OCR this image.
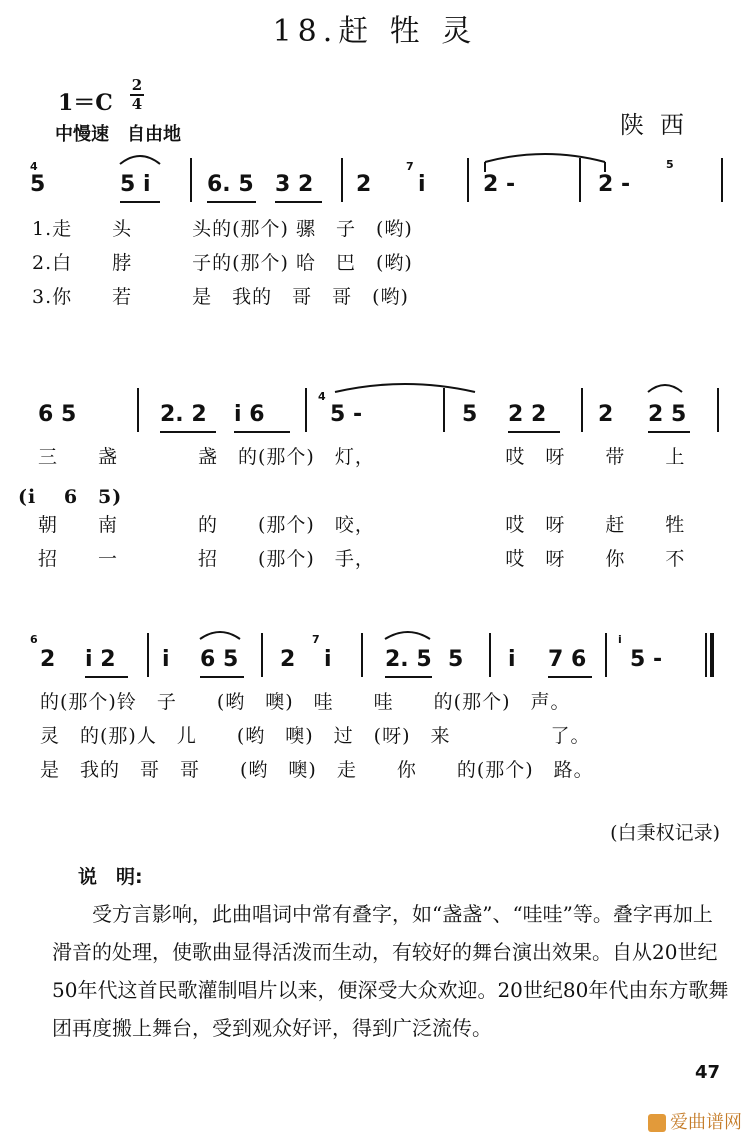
18.赶 牲 灵
1＝C
2
4
中慢速　自由地	陕西
5
4
5 i	6. 5 3 2 2
7
i	2 -	2 -
5
1.走　　头　　　头的(那个) 骡　子　(哟)
2.白　　脖　　　子的(那个) 哈　巴　(哟)
3.你　　若　　　是　我的　哥　哥　(哟)
6 5	2. 2 i 6
4
5 -	5 2 2 2 2 5
三　　盏　　　　盏　的(那个)　灯，　　　　　　　哎　呀　　带　　上
(i　 6　5)
朝　　南　　　　的　　(那个)　咬，　　　　　　　哎　呀　　赶　　牲
招　　一　　　　招　　(那个)　手，　　　　　　　哎　呀　　你　　不
6
2 i 2 i 6 5 2
7
i 2. 5 5 i 7 6
i
5 -
的(那个)铃　子　　(哟　噢)　哇　　哇　　的(那个)　声。
灵　的(那)人　儿　　(哟　噢)　过　(呀)　来　　　　　了。
是　我的　哥　哥　　(哟　噢)　走　　你　　的(那个)　路。
(白秉权记录)
说　明:
受方言影响，此曲唱词中常有叠字，如“盏盏”、“哇哇”等。叠字再加上滑音的处理，使歌曲显得活泼而生动，有较好的舞台演出效果。自从20世纪50年代这首民歌灌制唱片以来，便深受大众欢迎。20世纪80年代由东方歌舞团再度搬上舞台，受到观众好评，得到广泛流传。
47
爱曲谱网
